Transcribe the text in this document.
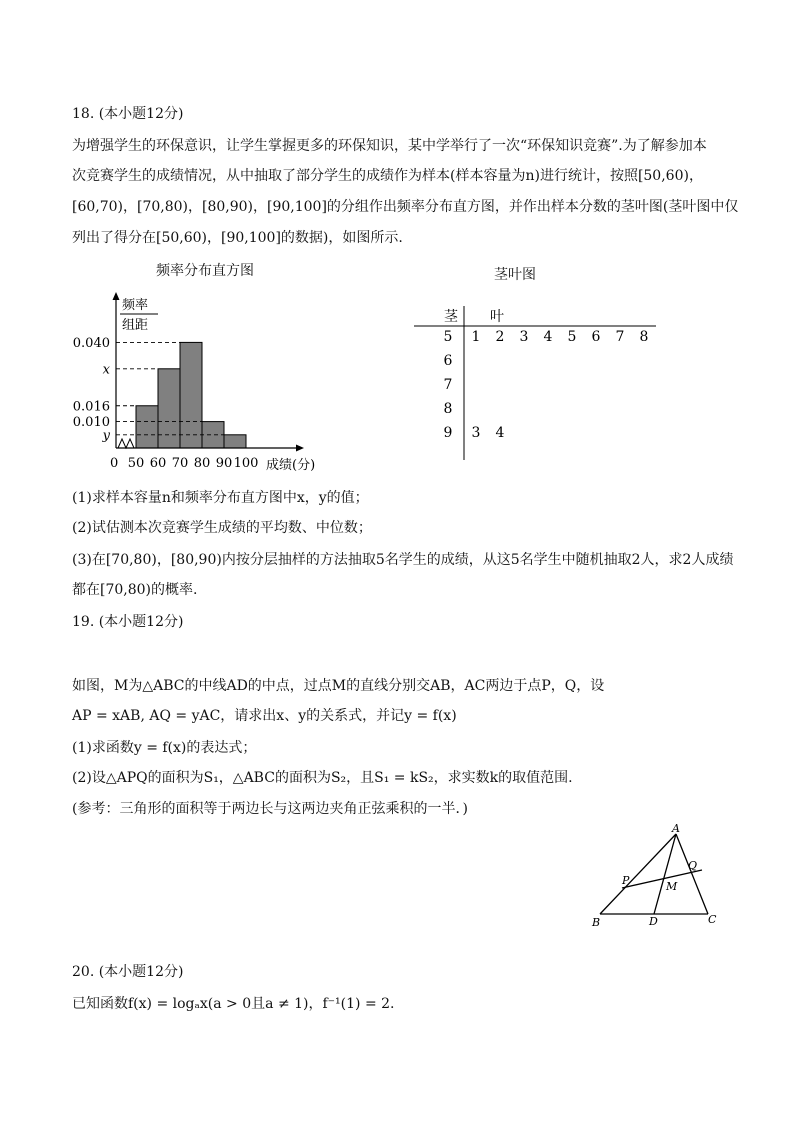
18. (本小题12分)
为增强学生的环保意识，让学生掌握更多的环保知识，某中学举行了一次“环保知识竞赛”.为了解参加本
次竞赛学生的成绩情况，从中抽取了部分学生的成绩作为样本(样本容量为n)进行统计，按照[50,60)，
[60,70)，[70,80)，[80,90)，[90,100]的分组作出频率分布直方图，并作出样本分数的茎叶图(茎叶图中仅
列出了得分在[50,60)，[90,100]的数据)，如图所示.
频率分布直方图	茎叶图
0.040
x
0.016
0.010
y
50 60 70 80 90 100
频率
组距
0	成绩(分)
茎 叶
5 1 2 3 4 5 6 7 8
6
7
8
9 3 4
(1)求样本容量n和频率分布直方图中x，y的值；
(2)试估测本次竞赛学生成绩的平均数、中位数；
(3)在[70,80)，[80,90)内按分层抽样的方法抽取5名学生的成绩，从这5名学生中随机抽取2人，求2人成绩
都在[70,80)的概率.
19. (本小题12分)
如图，M为△ABC的中线AD的中点，过点M的直线分别交AB，AC两边于点P，Q，设
AP = xAB, AQ = yAC，请求出x、y的关系式，并记y = f(x)
(1)求函数y = f(x)的表达式；
(2)设△APQ的面积为S₁，△ABC的面积为S₂，且S₁ = kS₂，求实数k的取值范围.
(参考：三角形的面积等于两边长与这两边夹角正弦乘积的一半．)
A
B	C
D
M
P
Q
20. (本小题12分)
已知函数f(x) = logₐx(a > 0且a ≠ 1)，f⁻¹(1) = 2.
